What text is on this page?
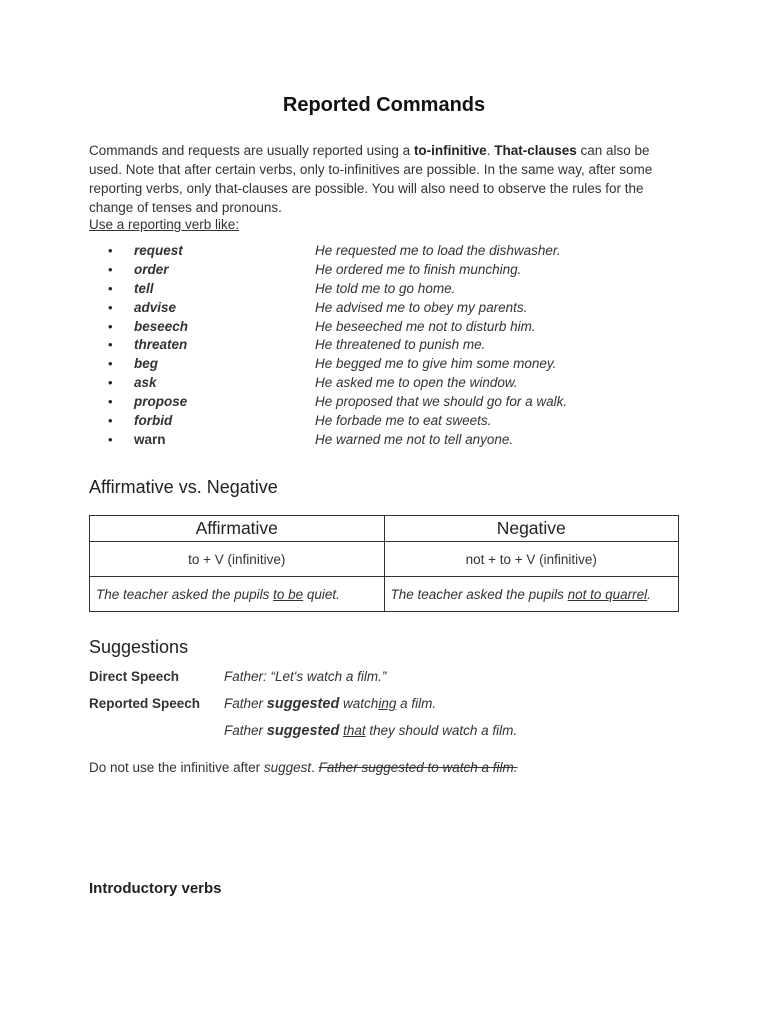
Reported Commands
Commands and requests are usually reported using a to-infinitive. That-clauses can also be used. Note that after certain verbs, only to-infinitives are possible. In the same way, after some reporting verbs, only that-clauses are possible. You will also need to observe the rules for the change of tenses and pronouns.
Use a reporting verb like:
• request	He requested me to load the dishwasher.
• order	He ordered me to finish munching.
• tell	He told me to go home.
• advise	He advised me to obey my parents.
• beseech	He beseeched me not to disturb him.
• threaten	He threatened to punish me.
• beg	He begged me to give him some money.
• ask	He asked me to open the window.
• propose	He proposed that we should go for a walk.
• forbid	He forbade me to eat sweets.
• warn	He warned me not to tell anyone.
Affirmative vs. Negative
Affirmative	Negative
to + V (infinitive)	not + to + V (infinitive)
The teacher asked the pupils to be quiet.	The teacher asked the pupils not to quarrel.
Suggestions
Direct Speech	Father: “Let's watch a film.”
Reported Speech Father suggested watching a film.
Father suggested that they should watch a film.
Do not use the infinitive after suggest. Father suggested to watch a film.
Introductory verbs
